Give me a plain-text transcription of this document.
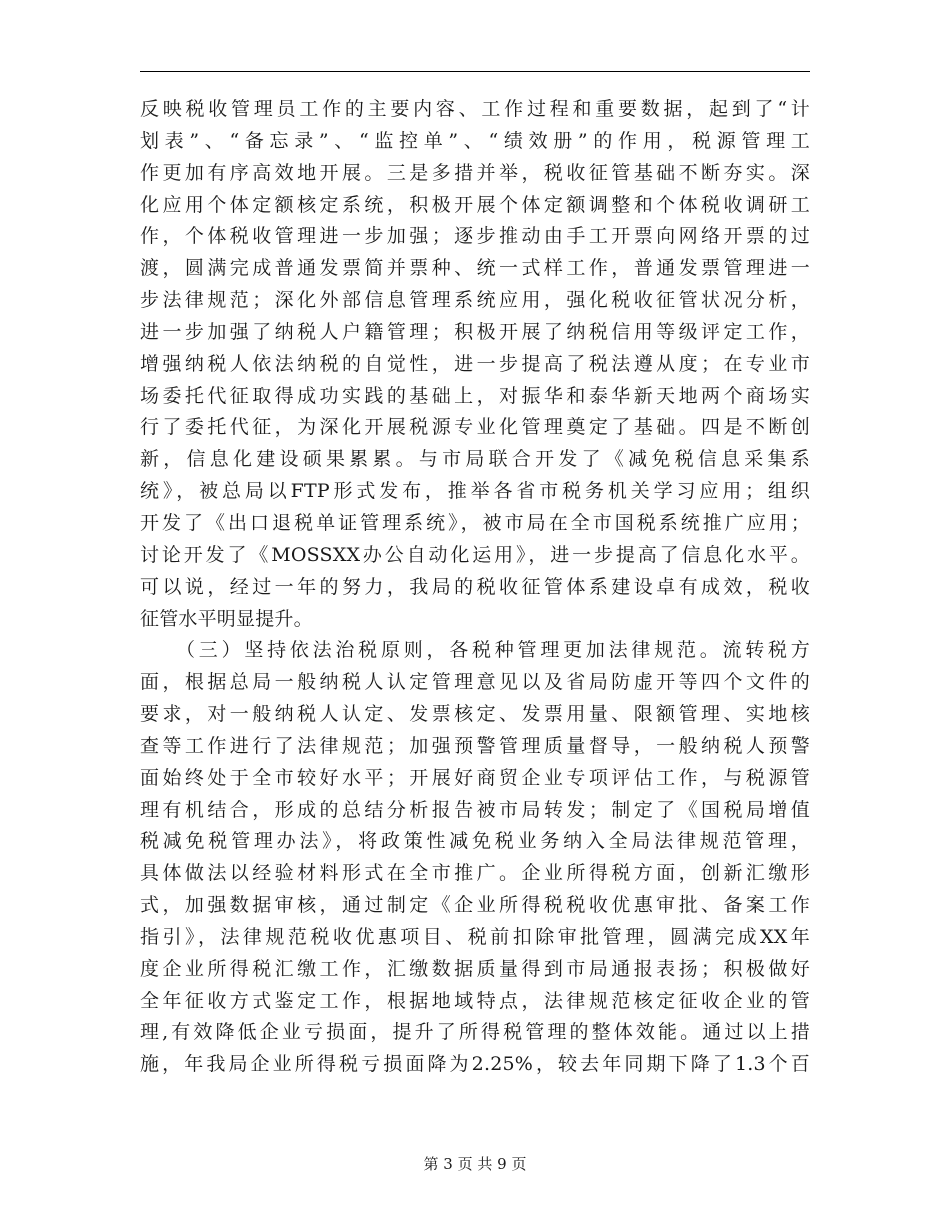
反映税收管理员工作的主要内容、工作过程和重要数据，起到了“计
划表”、“备忘录”、“监控单”、“绩效册”的作用，税源管理工
作更加有序高效地开展。三是多措并举，税收征管基础不断夯实。深
化应用个体定额核定系统，积极开展个体定额调整和个体税收调研工
作，个体税收管理进一步加强；逐步推动由手工开票向网络开票的过
渡，圆满完成普通发票简并票种、统一式样工作，普通发票管理进一
步法律规范；深化外部信息管理系统应用，强化税收征管状况分析，
进一步加强了纳税人户籍管理；积极开展了纳税信用等级评定工作，
增强纳税人依法纳税的自觉性，进一步提高了税法遵从度；在专业市
场委托代征取得成功实践的基础上，对振华和泰华新天地两个商场实
行了委托代征，为深化开展税源专业化管理奠定了基础。四是不断创
新，信息化建设硕果累累。与市局联合开发了《减免税信息采集系
统》，被总局以FTP形式发布，推举各省市税务机关学习应用；组织
开发了《出口退税单证管理系统》，被市局在全市国税系统推广应用；
讨论开发了《MOSSXX办公自动化运用》，进一步提高了信息化水平。
可以说，经过一年的努力，我局的税收征管体系建设卓有成效，税收
征管水平明显提升。
　　（三）坚持依法治税原则，各税种管理更加法律规范。流转税方
面，根据总局一般纳税人认定管理意见以及省局防虚开等四个文件的
要求，对一般纳税人认定、发票核定、发票用量、限额管理、实地核
查等工作进行了法律规范；加强预警管理质量督导，一般纳税人预警
面始终处于全市较好水平；开展好商贸企业专项评估工作，与税源管
理有机结合，形成的总结分析报告被市局转发；制定了《国税局增值
税减免税管理办法》，将政策性减免税业务纳入全局法律规范管理，
具体做法以经验材料形式在全市推广。企业所得税方面，创新汇缴形
式，加强数据审核，通过制定《企业所得税税收优惠审批、备案工作
指引》，法律规范税收优惠项目、税前扣除审批管理，圆满完成XX年
度企业所得税汇缴工作，汇缴数据质量得到市局通报表扬；积极做好
全年征收方式鉴定工作，根据地域特点，法律规范核定征收企业的管
理,有效降低企业亏损面，提升了所得税管理的整体效能。通过以上措
施，年我局企业所得税亏损面降为2.25%，较去年同期下降了1.3个百
第 3 页 共 9 页
